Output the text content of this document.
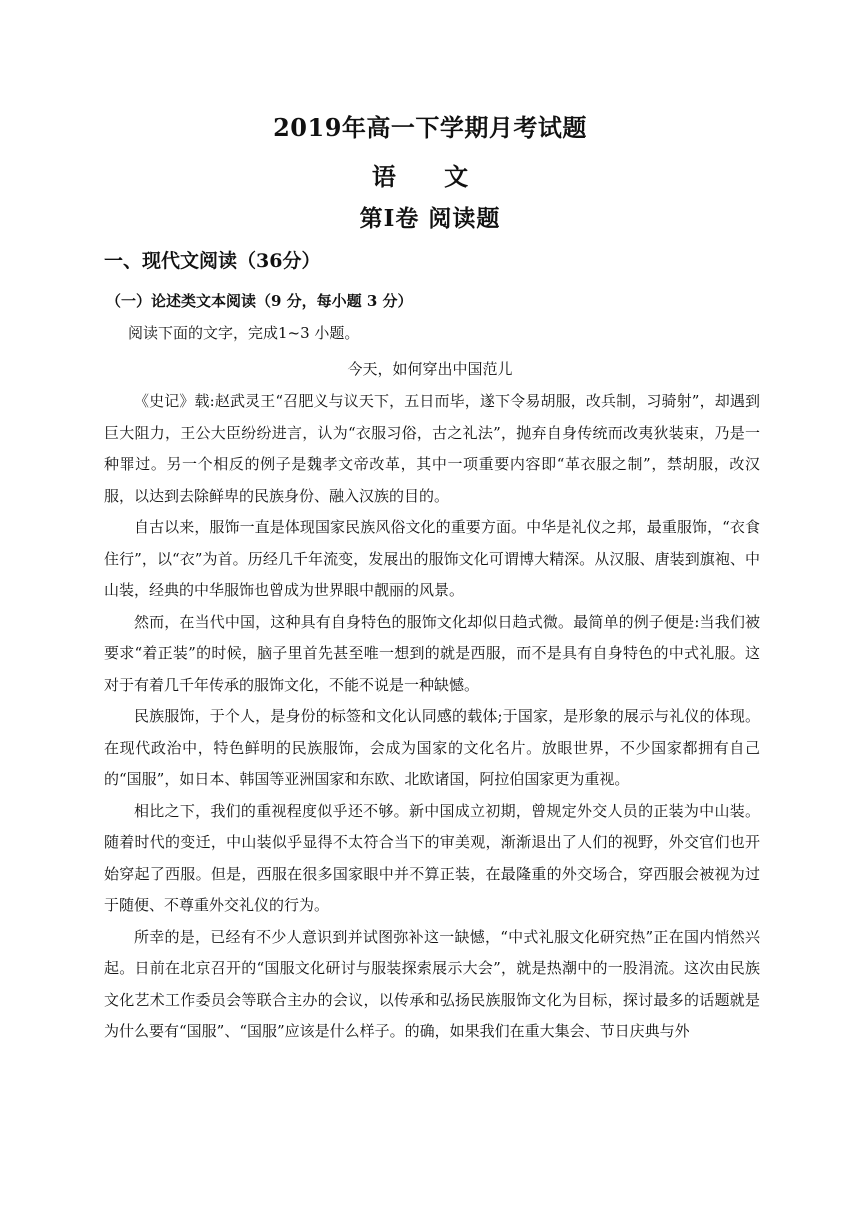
2019年高一下学期月考试题
语 文
第Ⅰ卷 阅读题
一、现代文阅读（36分）
（一）论述类文本阅读（9 分，每小题 3 分）
阅读下面的文字，完成1~3 小题。
今天，如何穿出中国范儿

《史记》载:赵武灵王“召肥义与议天下，五日而毕，遂下令易胡服，改兵制，习骑射”，却遇到巨大阻力，王公大臣纷纷进言，认为“衣服习俗，古之礼法”，抛弃自身传统而改夷狄装束，乃是一种罪过。另一个相反的例子是魏孝文帝改革，其中一项重要内容即“革衣服之制”，禁胡服，改汉服，以达到去除鲜卑的民族身份、融入汉族的目的。

自古以来，服饰一直是体现国家民族风俗文化的重要方面。中华是礼仪之邦，最重服饰，“衣食住行”，以“衣”为首。历经几千年流变，发展出的服饰文化可谓博大精深。从汉服、唐装到旗袍、中山装，经典的中华服饰也曾成为世界眼中靓丽的风景。

然而，在当代中国，这种具有自身特色的服饰文化却似日趋式微。最简单的例子便是:当我们被要求“着正装”的时候，脑子里首先甚至唯一想到的就是西服，而不是具有自身特色的中式礼服。这对于有着几千年传承的服饰文化，不能不说是一种缺憾。

民族服饰，于个人，是身份的标签和文化认同感的载体;于国家，是形象的展示与礼仪的体现。在现代政治中，特色鲜明的民族服饰，会成为国家的文化名片。放眼世界，不少国家都拥有自己的“国服”，如日本、韩国等亚洲国家和东欧、北欧诸国，阿拉伯国家更为重视。

相比之下，我们的重视程度似乎还不够。新中国成立初期，曾规定外交人员的正装为中山装。随着时代的变迁，中山装似乎显得不太符合当下的审美观，渐渐退出了人们的视野，外交官们也开始穿起了西服。但是，西服在很多国家眼中并不算正装，在最隆重的外交场合，穿西服会被视为过于随便、不尊重外交礼仪的行为。

所幸的是，已经有不少人意识到并试图弥补这一缺憾，“中式礼服文化研究热”正在国内悄然兴起。日前在北京召开的“国服文化研讨与服装探索展示大会”，就是热潮中的一股涓流。这次由民族文化艺术工作委员会等联合主办的会议，以传承和弘扬民族服饰文化为目标，探讨最多的话题就是为什么要有“国服”、“国服”应该是什么样子。的确，如果我们在重大集会、节日庆典与外
